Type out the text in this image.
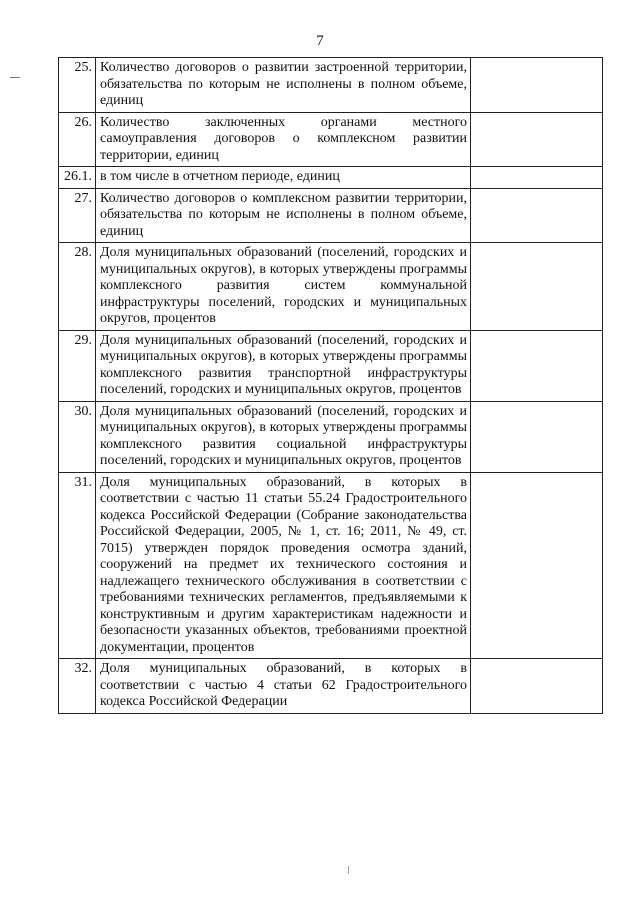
7
25.	Количество договоров о развитии застроенной территории, обязательства по которым не исполнены в полном объеме, единиц	
26.	Количество заключенных органами местного самоуправления договоров о комплексном развитии территории, единиц	
26.1.	в том числе в отчетном периоде, единиц	
27.	Количество договоров о комплексном развитии территории, обязательства по которым не исполнены в полном объеме, единиц	
28.	Доля муниципальных образований (поселений, городских и муниципальных округов), в которых утверждены программы комплексного развития систем коммунальной инфраструктуры поселений, городских и муниципальных округов, процентов	
29.	Доля муниципальных образований (поселений, городских и муниципальных округов), в которых утверждены программы комплексного развития транспортной инфраструктуры поселений, городских и муниципальных округов, процентов	
30.	Доля муниципальных образований (поселений, городских и муниципальных округов), в которых утверждены программы комплексного развития социальной инфраструктуры поселений, городских и муниципальных округов, процентов	
31.	Доля муниципальных образований, в которых в соответствии с частью 11 статьи 55.24 Градостроительного кодекса Российской Федерации (Собрание законодательства Российской Федерации, 2005, № 1, ст. 16; 2011, № 49, ст. 7015) утвержден порядок проведения осмотра зданий, сооружений на предмет их технического состояния и надлежащего технического обслуживания в соответствии с требованиями технических регламентов, предъявляемыми к конструктивным и другим характеристикам надежности и безопасности указанных объектов, требованиями проектной документации, процентов	
32.	Доля муниципальных образований, в которых в соответствии с частью 4 статьи 62 Градостроительного кодекса Российской Федерации	
